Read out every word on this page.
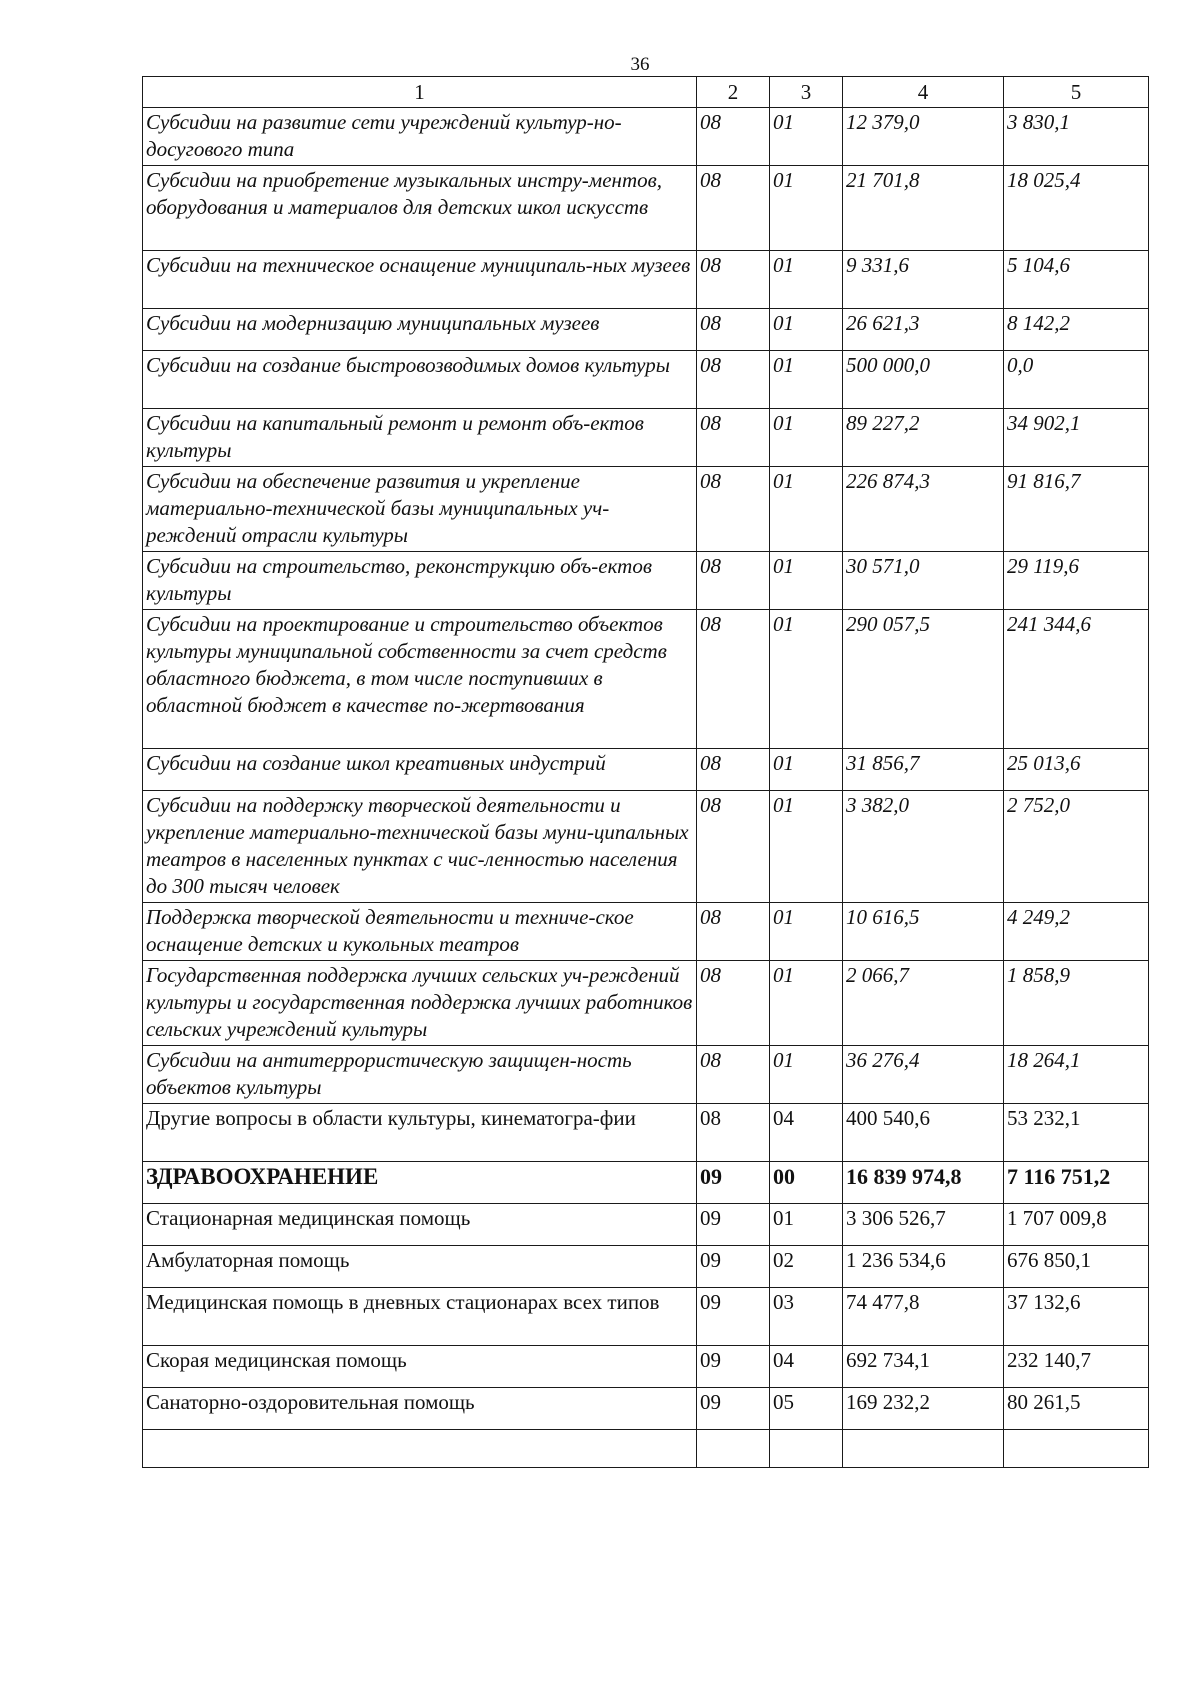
36
1	2	3	4	5
Субсидии на развитие сети учреждений культур-но-досугового типа	08	01	12 379,0	3 830,1
Субсидии на приобретение музыкальных инстру-ментов, оборудования и материалов для детских школ искусств	08	01	21 701,8	18 025,4
Субсидии на техническое оснащение муниципаль-ных музеев	08	01	9 331,6	5 104,6
Субсидии на модернизацию муниципальных музеев	08	01	26 621,3	8 142,2
Субсидии на создание быстровозводимых домов культуры	08	01	500 000,0	0,0
Субсидии на капитальный ремонт и ремонт объ-ектов культуры	08	01	89 227,2	34 902,1
Субсидии на обеспечение развития и укрепление материально-технической базы муниципальных уч-реждений отрасли культуры	08	01	226 874,3	91 816,7
Субсидии на строительство, реконструкцию объ-ектов культуры	08	01	30 571,0	29 119,6
Субсидии на проектирование и строительство объектов культуры муниципальной собственности за счет средств областного бюджета, в том числе поступивших в областной бюджет в качестве по-жертвования	08	01	290 057,5	241 344,6
Субсидии на создание школ креативных индустрий	08	01	31 856,7	25 013,6
Субсидии на поддержку творческой деятельности и укрепление материально-технической базы муни-ципальных театров в населенных пунктах с чис-ленностью населения до 300 тысяч человек	08	01	3 382,0	2 752,0
Поддержка творческой деятельности и техниче-ское оснащение детских и кукольных театров	08	01	10 616,5	4 249,2
Государственная поддержка лучших сельских уч-реждений культуры и государственная поддержка лучших работников сельских учреждений культуры	08	01	2 066,7	1 858,9
Субсидии на антитеррористическую защищен-ность объектов культуры	08	01	36 276,4	18 264,1
Другие вопросы в области культуры, кинематогра-фии	08	04	400 540,6	53 232,1
ЗДРАВООХРАНЕНИЕ	09	00	16 839 974,8	7 116 751,2
Стационарная медицинская помощь	09	01	3 306 526,7	1 707 009,8
Амбулаторная помощь	09	02	1 236 534,6	676 850,1
Медицинская помощь в дневных стационарах всех типов	09	03	74 477,8	37 132,6
Скорая медицинская помощь	09	04	692 734,1	232 140,7
Санаторно-оздоровительная помощь	09	05	169 232,2	80 261,5
